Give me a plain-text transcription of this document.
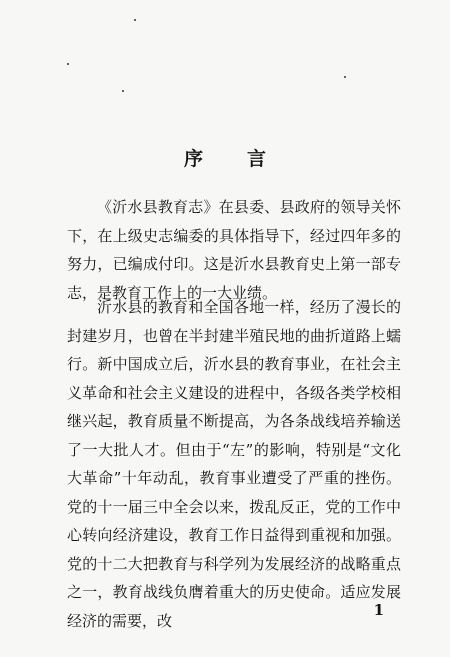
序言

《沂水县教育志》在县委、县政府的领导关怀下，在上级史志编委的具体指导下，经过四年多的努力，已编成付印。这是沂水县教育史上第一部专志，是教育工作上的一大业绩。

沂水县的教育和全国各地一样，经历了漫长的封建岁月，也曾在半封建半殖民地的曲折道路上蠕行。新中国成立后，沂水县的教育事业，在社会主义革命和社会主义建设的进程中，各级各类学校相继兴起，教育质量不断提高，为各条战线培养输送了一大批人才。但由于“左”的影响，特别是“文化大革命”十年动乱，教育事业遭受了严重的挫伤。党的十一届三中全会以来，拨乱反正，党的工作中心转向经济建设，教育工作日益得到重视和加强。党的十二大把教育与科学列为发展经济的战略重点之一，教育战线负膺着重大的历史使命。适应发展经济的需要，改

1
